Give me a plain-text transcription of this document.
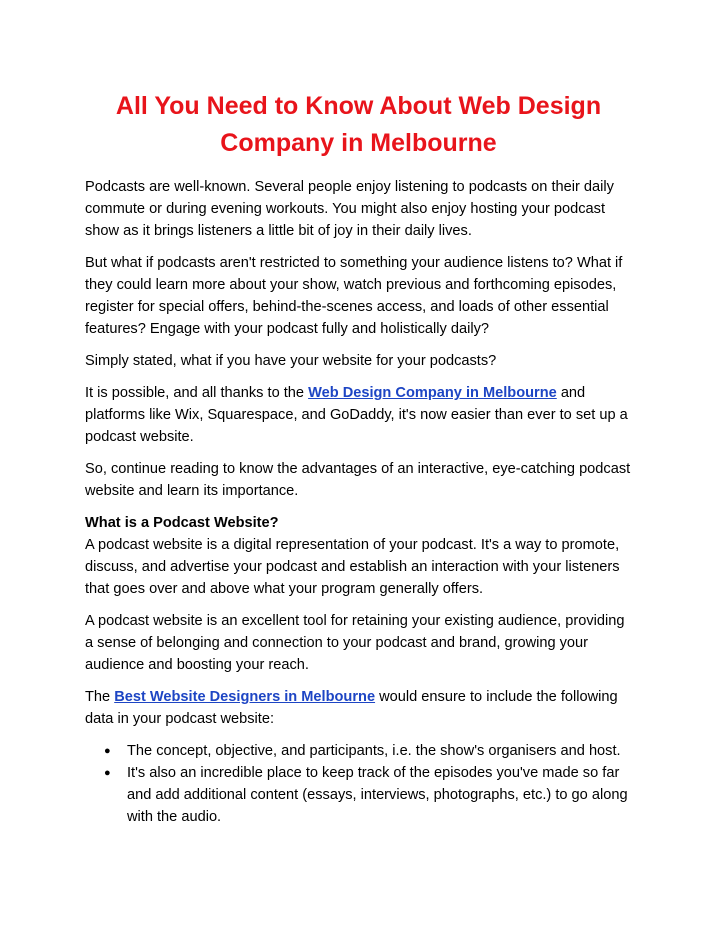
All You Need to Know About Web Design
Company in Melbourne

Podcasts are well-known. Several people enjoy listening to podcasts on their daily commute or during evening workouts. You might also enjoy hosting your podcast show as it brings listeners a little bit of joy in their daily lives.

But what if podcasts aren't restricted to something your audience listens to? What if they could learn more about your show, watch previous and forthcoming episodes, register for special offers, behind-the-scenes access, and loads of other essential features? Engage with your podcast fully and holistically daily?

Simply stated, what if you have your website for your podcasts?

It is possible, and all thanks to the Web Design Company in Melbourne and platforms like Wix, Squarespace, and GoDaddy, it's now easier than ever to set up a podcast website.

So, continue reading to know the advantages of an interactive, eye-catching podcast website and learn its importance.

What is a Podcast Website?

A podcast website is a digital representation of your podcast. It's a way to promote, discuss, and advertise your podcast and establish an interaction with your listeners that goes over and above what your program generally offers.

A podcast website is an excellent tool for retaining your existing audience, providing a sense of belonging and connection to your podcast and brand, growing your audience and boosting your reach.

The Best Website Designers in Melbourne would ensure to include the following data in your podcast website:

● The concept, objective, and participants, i.e. the show's organisers and host.
● It's also an incredible place to keep track of the episodes you've made so far and add additional content (essays, interviews, photographs, etc.) to go along with the audio.
